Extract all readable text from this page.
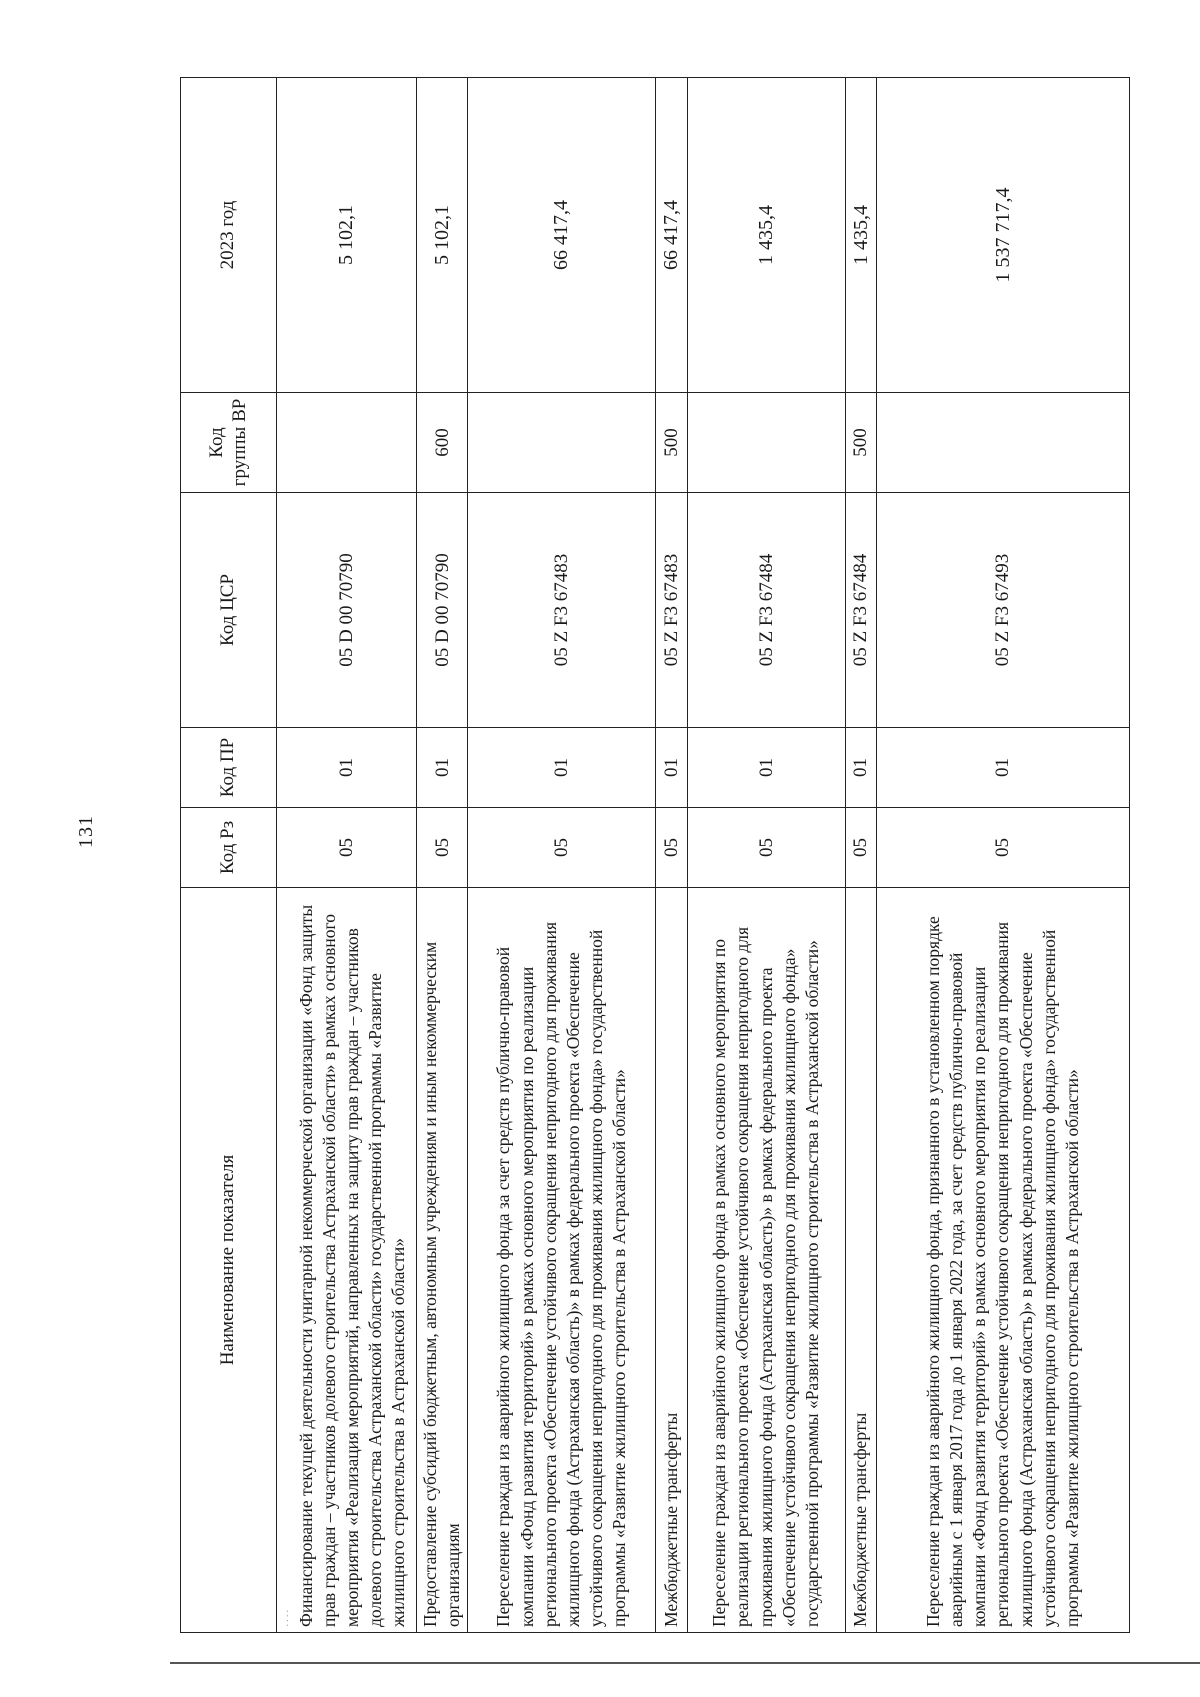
131
Наименование показателя	Код Рз	Код ПР	Код ЦСР	Код группы ВР	2023 год

···· Финансирование текущей деятельности унитарной некоммерческой организации «Фонд защиты прав граждан – участников долевого строительства Астраханской области» в рамках основного мероприятия «Реализация мероприятий, направленных на защиту прав граждан – участников долевого строительства Астраханской области» государственной программы «Развитие жилищного строительства в Астраханской области»	05	01	05 D 00 70790		5 102,1
Предоставление субсидий бюджетным, автономным учреждениям и иным некоммерческим организациям	05	01	05 D 00 70790	600	5 102,1
Переселение граждан из аварийного жилищного фонда за счет средств публично-правовой компании «Фонд развития территорий» в рамках основного мероприятия по реализации регионального проекта «Обеспечение устойчивого сокращения непригодного для проживания жилищного фонда (Астраханская область)» в рамках федерального проекта «Обеспечение устойчивого сокращения непригодного для проживания жилищного фонда» государственной программы «Развитие жилищного строительства в Астраханской области»	05	01	05 Z F3 67483		66 417,4
Межбюджетные трансферты	05	01	05 Z F3 67483	500	66 417,4
Переселение граждан из аварийного жилищного фонда в рамках основного мероприятия по реализации регионального проекта «Обеспечение устойчивого сокращения непригодного для проживания жилищного фонда (Астраханская область)» в рамках федерального проекта «Обеспечение устойчивого сокращения непригодного для проживания жилищного фонда» государственной программы «Развитие жилищного строительства в Астраханской области»	05	01	05 Z F3 67484		1 435,4
Межбюджетные трансферты	05	01	05 Z F3 67484	500	1 435,4
Переселение граждан из аварийного жилищного фонда, признанного в установленном порядке аварийным с 1 января 2017 года до 1 января 2022 года, за счет средств публично-правовой компании «Фонд развития территорий» в рамках основного мероприятия по реализации регионального проекта «Обеспечение устойчивого сокращения непригодного для проживания жилищного фонда (Астраханская область)» в рамках федерального проекта «Обеспечение устойчивого сокращения непригодного для проживания жилищного фонда» государственной программы «Развитие жилищного строительства в Астраханской области»	05	01	05 Z F3 67493		1 537 717,4
